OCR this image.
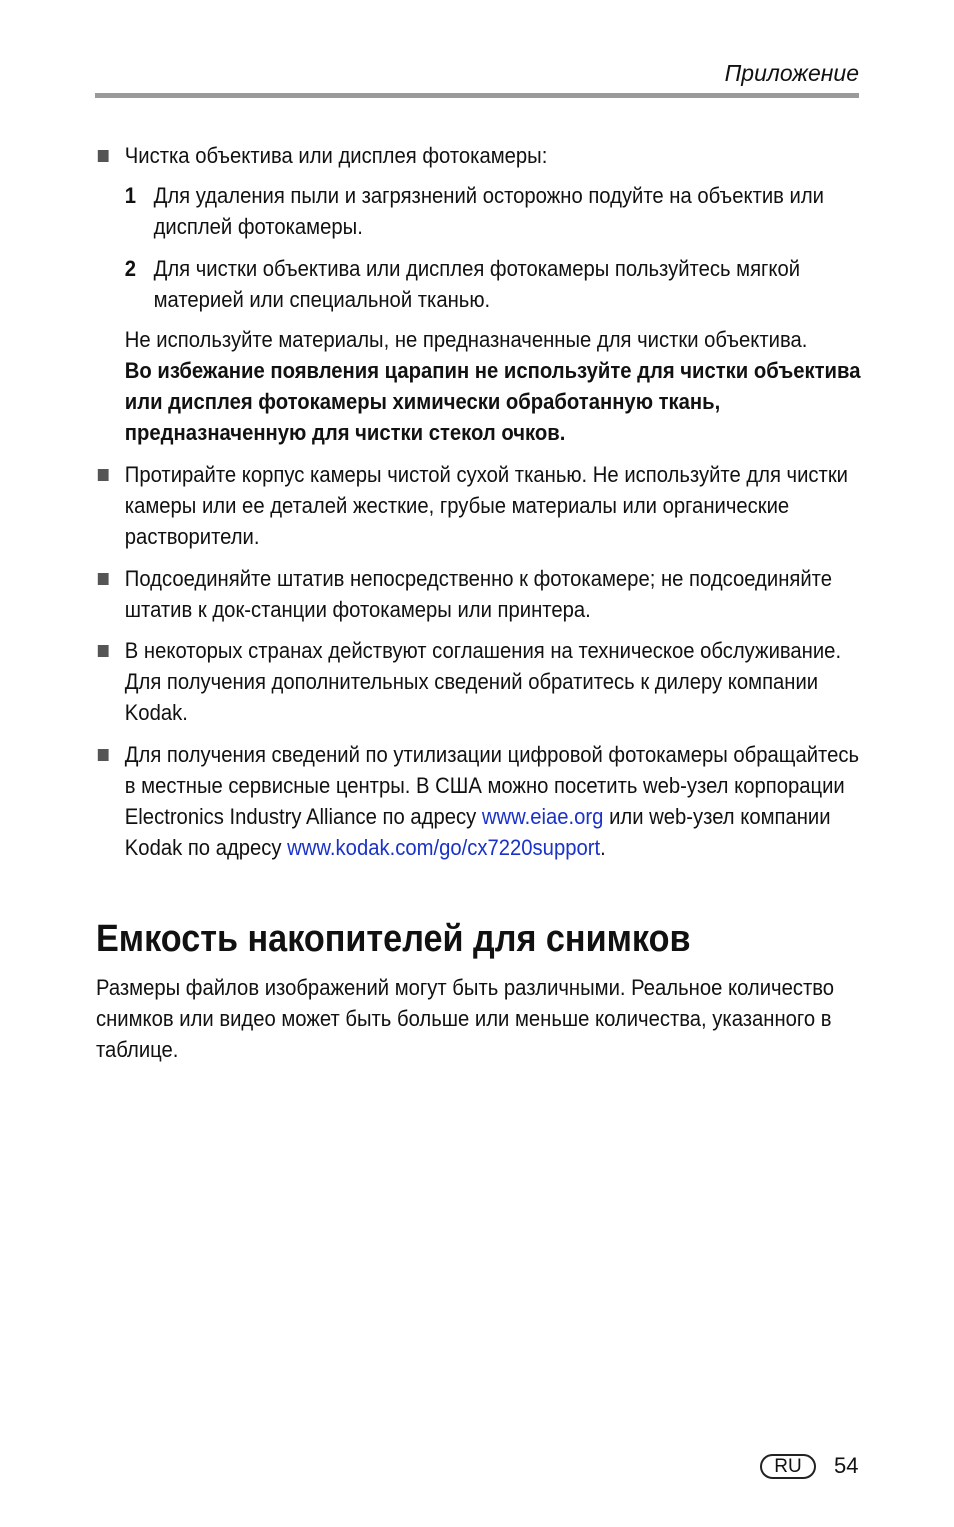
Приложение
Чистка объектива или дисплея фотокамеры:
1 Для удаления пыли и загрязнений осторожно подуйте на объектив или дисплей фотокамеры.
2 Для чистки объектива или дисплея фотокамеры пользуйтесь мягкой материей или специальной тканью.
Не используйте материалы, не предназначенные для чистки объектива.
Во избежание появления царапин не используйте для чистки объектива или дисплея фотокамеры химически обработанную ткань, предназначенную для чистки стекол очков.
Протирайте корпус камеры чистой сухой тканью. Не используйте для чистки камеры или ее деталей жесткие, грубые материалы или органические растворители.
Подсоединяйте штатив непосредственно к фотокамере; не подсоединяйте штатив к док-станции фотокамеры или принтера.
В некоторых странах действуют соглашения на техническое обслуживание. Для получения дополнительных сведений обратитесь к дилеру компании Kodak.
Для получения сведений по утилизации цифровой фотокамеры обращайтесь в местные сервисные центры. В США можно посетить web-узел корпорации Electronics Industry Alliance по адресу www.eiae.org или web-узел компании Kodak по адресу www.kodak.com/go/cx7220support.
Емкость накопителей для снимков
Размеры файлов изображений могут быть различными. Реальное количество снимков или видео может быть больше или меньше количества, указанного в таблице.
RU	54
